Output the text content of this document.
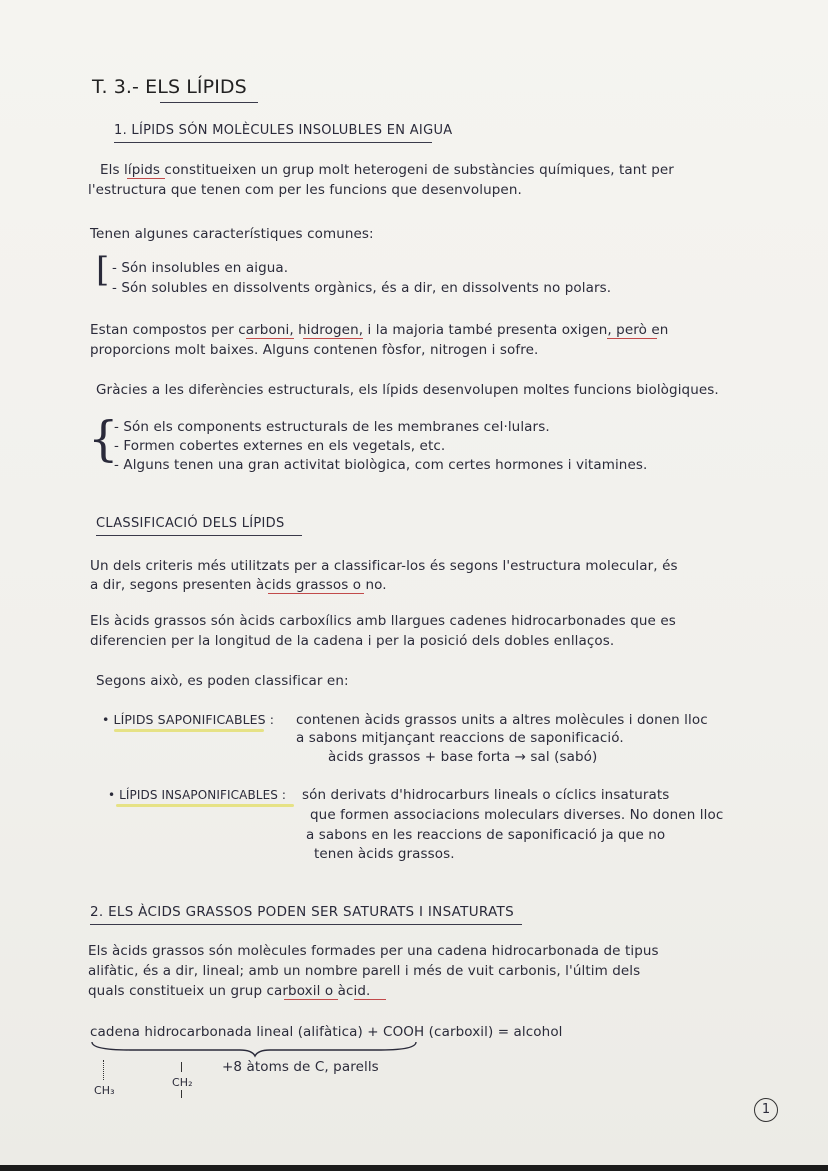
T. 3.- ELS LÍPIDS
1. LÍPIDS SÓN MOLÈCULES INSOLUBLES EN AIGUA
Els lípids constitueixen un grup molt heterogeni de substàncies químiques, tant per
l'estructura que tenen com per les funcions que desenvolupen.
Tenen algunes característiques comunes:
[ - Són insolubles en aigua.
- Són solubles en dissolvents orgànics, és a dir, en dissolvents no polars.
Estan compostos per carboni, hidrogen, i la majoria també presenta oxigen, però en
proporcions molt baixes. Alguns contenen fòsfor, nitrogen i sofre.
Gràcies a les diferències estructurals, els lípids desenvolupen moltes funcions biològiques.
{
- Són els components estructurals de les membranes cel·lulars.
- Formen cobertes externes en els vegetals, etc.
- Alguns tenen una gran activitat biològica, com certes hormones i vitamines.
CLASSIFICACIÓ DELS LÍPIDS
Un dels criteris més utilitzats per a classificar-los és segons l'estructura molecular, és
a dir, segons presenten àcids grassos o no.
Els àcids grassos són àcids carboxílics amb llargues cadenes hidrocarbonades que es
diferencien per la longitud de la cadena i per la posició dels dobles enllaços.
Segons això, es poden classificar en:
• LÍPIDS SAPONIFICABLES : contenen àcids grassos units a altres molècules i donen lloc
a sabons mitjançant reaccions de saponificació.
àcids grassos + base forta → sal (sabó)
• LÍPIDS INSAPONIFICABLES : són derivats d'hidrocarburs lineals o cíclics insaturats
que formen associacions moleculars diverses. No donen lloc
a sabons en les reaccions de saponificació ja que no
tenen àcids grassos.
2. ELS ÀCIDS GRASSOS PODEN SER SATURATS I INSATURATS
Els àcids grassos són molècules formades per una cadena hidrocarbonada de tipus
alifàtic, és a dir, lineal; amb un nombre parell i més de vuit carbonis, l'últim dels
quals constitueix un grup carboxil o àcid.
cadena hidrocarbonada lineal (alifàtica) + COOH (carboxil) = alcohol
+8 àtoms de C, parells
CH₃
CH₂
1
